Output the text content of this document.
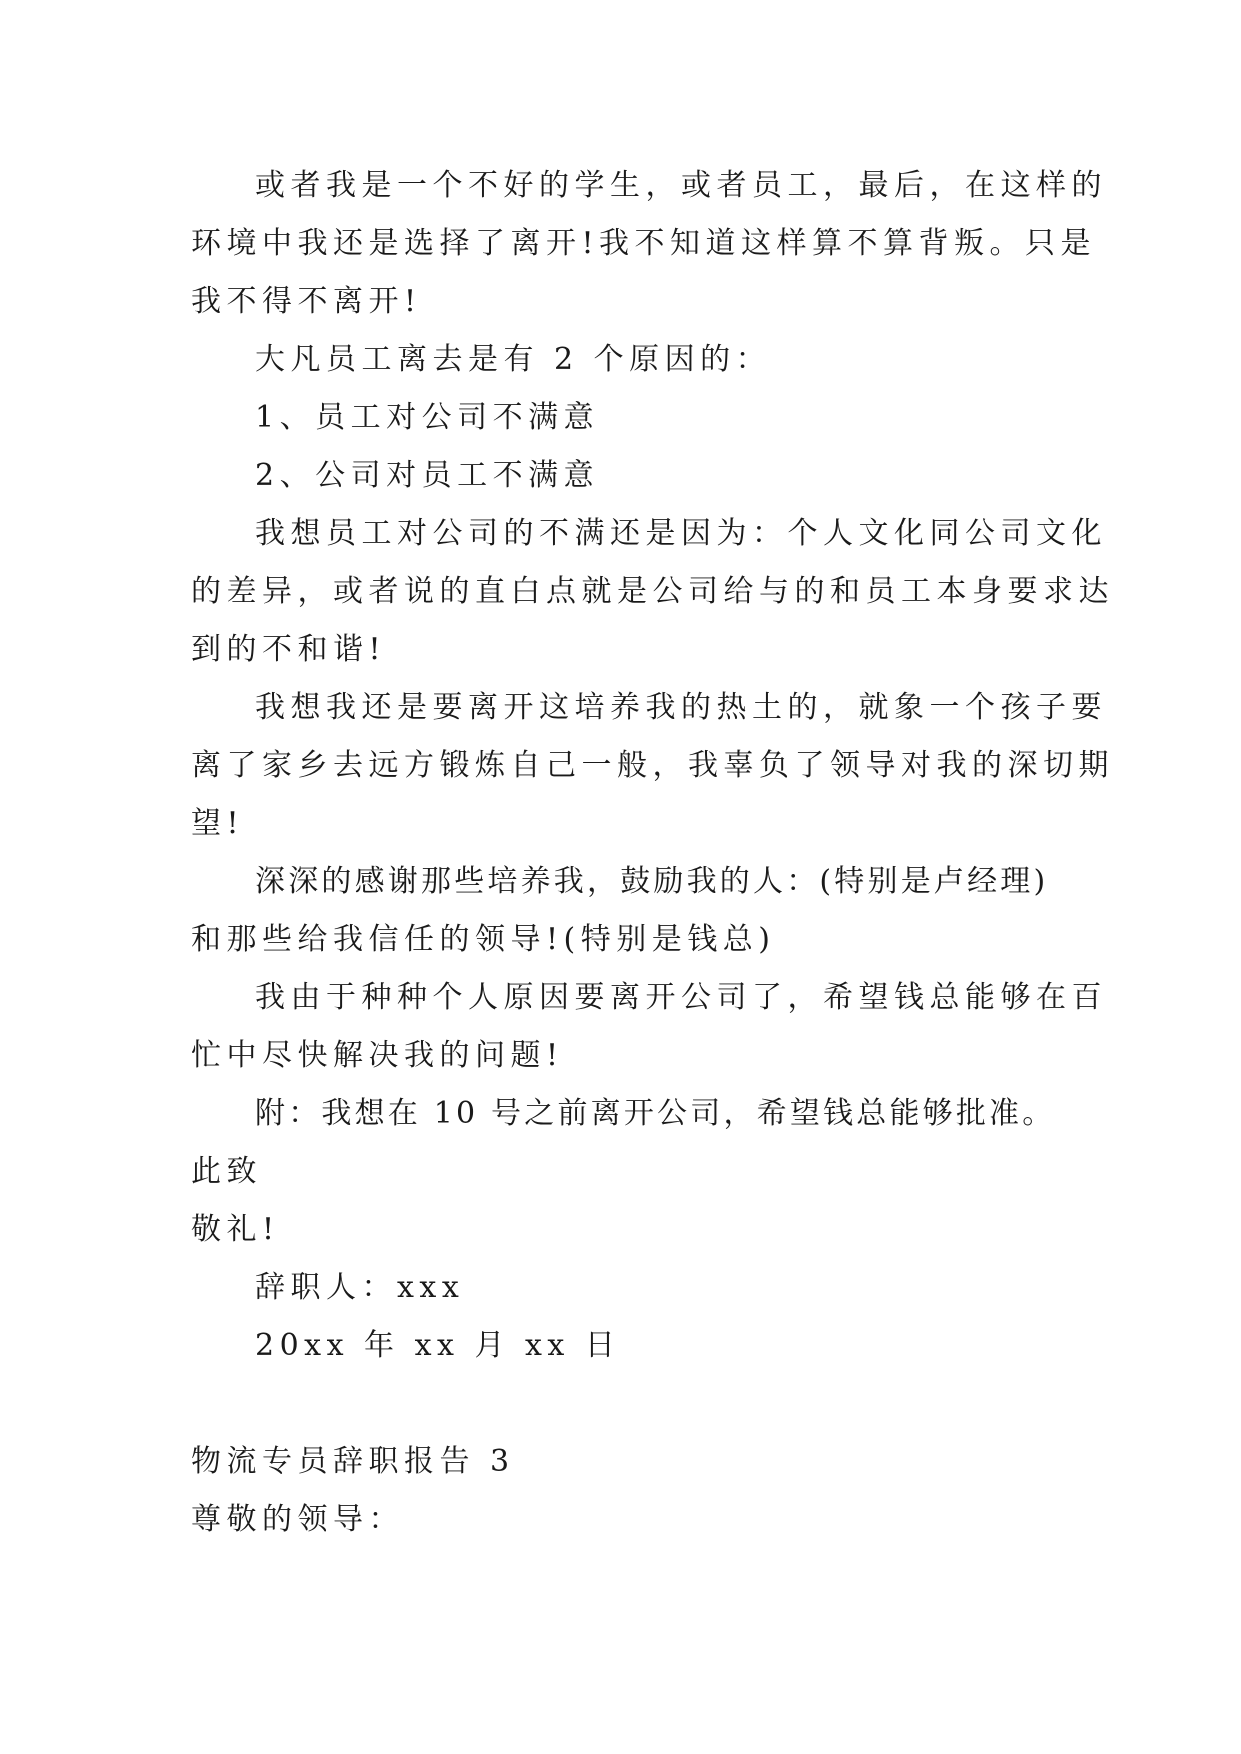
或者我是一个不好的学生，或者员工，最后，在这样的
环境中我还是选择了离开!我不知道这样算不算背叛。只是
我不得不离开!
大凡员工离去是有 2 个原因的：
1、员工对公司不满意
2、公司对员工不满意
我想员工对公司的不满还是因为：个人文化同公司文化
的差异，或者说的直白点就是公司给与的和员工本身要求达
到的不和谐!
我想我还是要离开这培养我的热土的，就象一个孩子要
离了家乡去远方锻炼自己一般，我辜负了领导对我的深切期
望!
深深的感谢那些培养我，鼓励我的人：(特别是卢经理)
和那些给我信任的领导!(特别是钱总)
我由于种种个人原因要离开公司了，希望钱总能够在百
忙中尽快解决我的问题!
附：我想在 10 号之前离开公司，希望钱总能够批准。
此致
敬礼!
辞职人：xxx
20xx 年 xx 月 xx 日
物流专员辞职报告 3
尊敬的领导：
